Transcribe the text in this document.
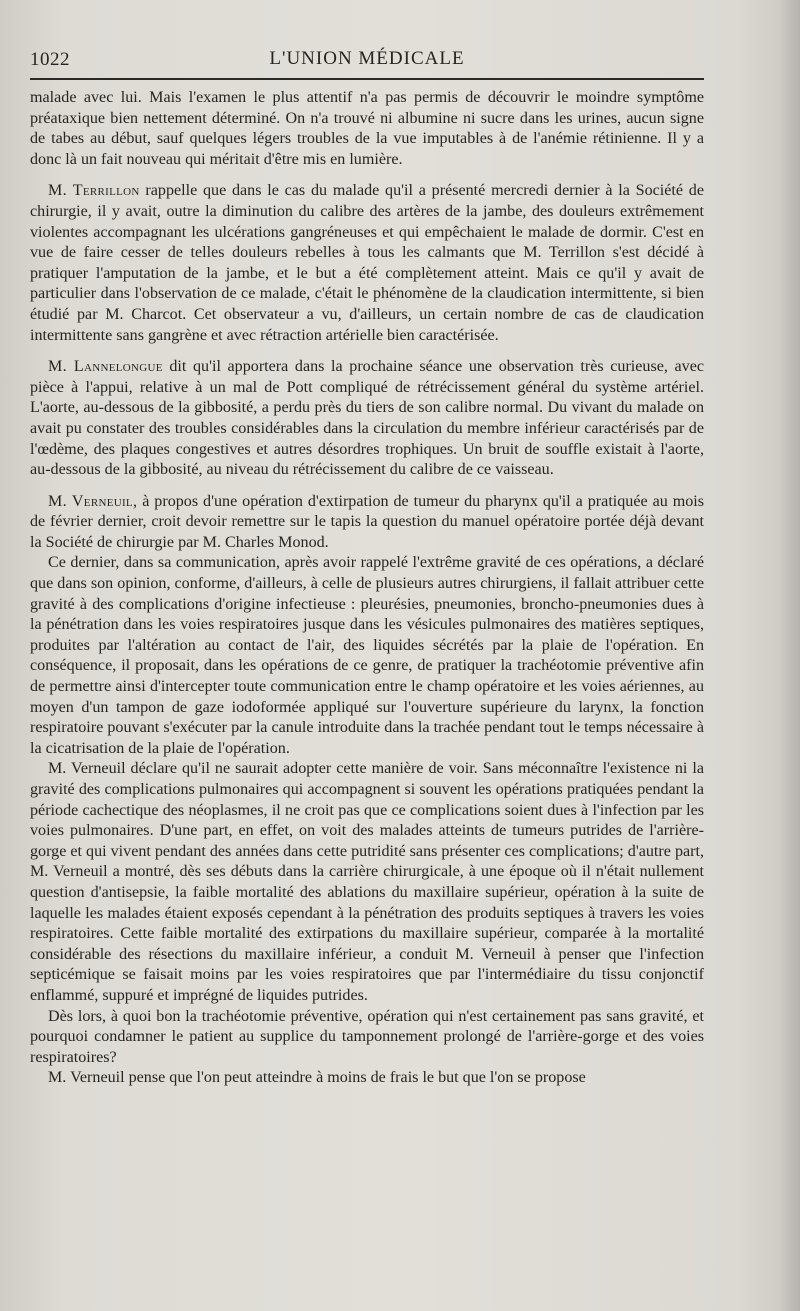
1022	L'UNION MÉDICALE

malade avec lui. Mais l'examen le plus attentif n'a pas permis de découvrir le moindre symptôme préataxique bien nettement déterminé. On n'a trouvé ni albumine ni sucre dans les urines, aucun signe de tabes au début, sauf quelques légers troubles de la vue imputables à de l'anémie rétinienne. Il y a donc là un fait nouveau qui méritait d'être mis en lumière.

M. Terrillon rappelle que dans le cas du malade qu'il a présenté mercredi dernier à la Société de chirurgie, il y avait, outre la diminution du calibre des artères de la jambe, des douleurs extrêmement violentes accompagnant les ulcérations gangréneuses et qui empêchaient le malade de dormir. C'est en vue de faire cesser de telles douleurs rebelles à tous les calmants que M. Terrillon s'est décidé à pratiquer l'amputation de la jambe, et le but a été complètement atteint. Mais ce qu'il y avait de particulier dans l'observation de ce malade, c'était le phénomène de la claudication intermittente, si bien étudié par M. Charcot. Cet observateur a vu, d'ailleurs, un certain nombre de cas de claudication intermittente sans gangrène et avec rétraction artérielle bien caractérisée.

M. Lannelongue dit qu'il apportera dans la prochaine séance une observation très curieuse, avec pièce à l'appui, relative à un mal de Pott compliqué de rétrécissement général du système artériel. L'aorte, au-dessous de la gibbosité, a perdu près du tiers de son calibre normal. Du vivant du malade on avait pu constater des troubles considérables dans la circulation du membre inférieur caractérisés par de l'œdème, des plaques congestives et autres désordres trophiques. Un bruit de souffle existait à l'aorte, au-dessous de la gibbosité, au niveau du rétrécissement du calibre de ce vaisseau.

M. Verneuil, à propos d'une opération d'extirpation de tumeur du pharynx qu'il a pratiquée au mois de février dernier, croit devoir remettre sur le tapis la question du manuel opératoire portée déjà devant la Société de chirurgie par M. Charles Monod.

Ce dernier, dans sa communication, après avoir rappelé l'extrême gravité de ces opérations, a déclaré que dans son opinion, conforme, d'ailleurs, à celle de plusieurs autres chirurgiens, il fallait attribuer cette gravité à des complications d'origine infectieuse : pleurésies, pneumonies, broncho-pneumonies dues à la pénétration dans les voies respiratoires jusque dans les vésicules pulmonaires des matières septiques, produites par l'altération au contact de l'air, des liquides sécrétés par la plaie de l'opération. En conséquence, il proposait, dans les opérations de ce genre, de pratiquer la trachéotomie préventive afin de permettre ainsi d'intercepter toute communication entre le champ opératoire et les voies aériennes, au moyen d'un tampon de gaze iodoformée appliqué sur l'ouverture supérieure du larynx, la fonction respiratoire pouvant s'exécuter par la canule introduite dans la trachée pendant tout le temps nécessaire à la cicatrisation de la plaie de l'opération.

M. Verneuil déclare qu'il ne saurait adopter cette manière de voir. Sans méconnaître l'existence ni la gravité des complications pulmonaires qui accompagnent si souvent les opérations pratiquées pendant la période cachectique des néoplasmes, il ne croit pas que ce complications soient dues à l'infection par les voies pulmonaires. D'une part, en effet, on voit des malades atteints de tumeurs putrides de l'arrière-gorge et qui vivent pendant des années dans cette putridité sans présenter ces complications; d'autre part, M. Verneuil a montré, dès ses débuts dans la carrière chirurgicale, à une époque où il n'était nullement question d'antisepsie, la faible mortalité des ablations du maxillaire supérieur, opération à la suite de laquelle les malades étaient exposés cependant à la pénétration des produits septiques à travers les voies respiratoires. Cette faible mortalité des extirpations du maxillaire supérieur, comparée à la mortalité considérable des résections du maxillaire inférieur, a conduit M. Verneuil à penser que l'infection septicémique se faisait moins par les voies respiratoires que par l'intermédiaire du tissu conjonctif enflammé, suppuré et imprégné de liquides putrides.

Dès lors, à quoi bon la trachéotomie préventive, opération qui n'est certainement pas sans gravité, et pourquoi condamner le patient au supplice du tamponnement prolongé de l'arrière-gorge et des voies respiratoires?

M. Verneuil pense que l'on peut atteindre à moins de frais le but que l'on se propose
